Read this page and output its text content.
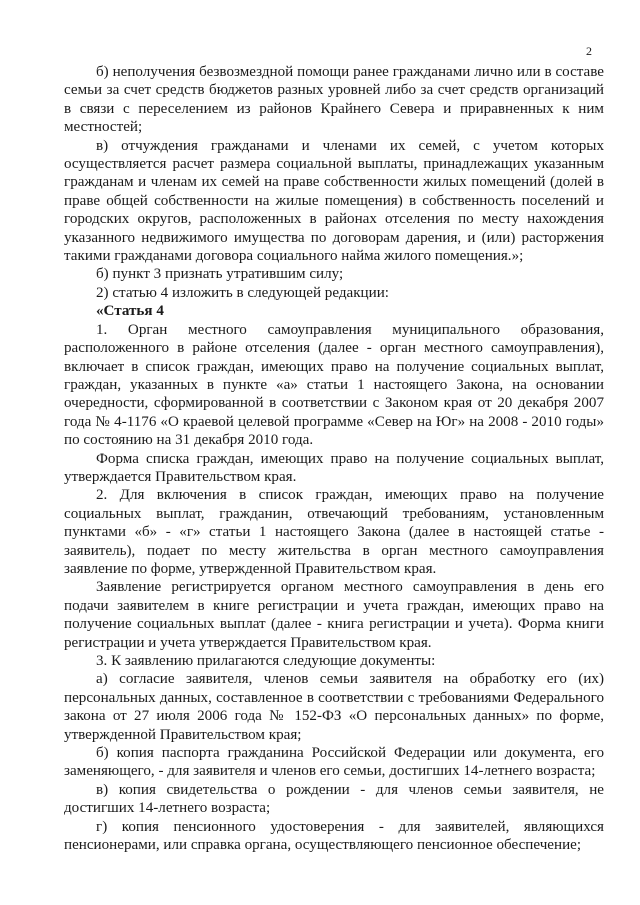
2

б) неполучения безвозмездной помощи ранее гражданами лично или в составе семьи за счет средств бюджетов разных уровней либо за счет средств организаций в связи с переселением из районов Крайнего Севера и приравненных к ним местностей;

в) отчуждения гражданами и членами их семей, с учетом которых осуществляется расчет размера социальной выплаты, принадлежащих указанным гражданам и членам их семей на праве собственности жилых помещений (долей в праве общей собственности на жилые помещения) в собственность поселений и городских округов, расположенных в районах отселения по месту нахождения указанного недвижимого имущества по договорам дарения, и (или) расторжения такими гражданами договора социального найма жилого помещения.»;

б) пункт 3 признать утратившим силу;

2) статью 4 изложить в следующей редакции:

«Статья 4

1. Орган местного самоуправления муниципального образования, расположенного в районе отселения (далее - орган местного самоуправления), включает в список граждан, имеющих право на получение социальных выплат, граждан, указанных в пункте «а» статьи 1 настоящего Закона, на основании очередности, сформированной в соответствии с Законом края от 20 декабря 2007 года № 4-1176 «О краевой целевой программе «Север на Юг» на 2008 - 2010 годы» по состоянию на 31 декабря 2010 года.

Форма списка граждан, имеющих право на получение социальных выплат, утверждается Правительством края.

2. Для включения в список граждан, имеющих право на получение социальных выплат, гражданин, отвечающий требованиям, установленным пунктами «б» - «г» статьи 1 настоящего Закона (далее в настоящей статье - заявитель), подает по месту жительства в орган местного самоуправления заявление по форме, утвержденной Правительством края.

Заявление регистрируется органом местного самоуправления в день его подачи заявителем в книге регистрации и учета граждан, имеющих право на получение социальных выплат (далее - книга регистрации и учета). Форма книги регистрации и учета утверждается Правительством края.

3. К заявлению прилагаются следующие документы:

а) согласие заявителя, членов семьи заявителя на обработку его (их) персональных данных, составленное в соответствии с требованиями Федерального закона от 27 июля 2006 года № 152-ФЗ «О персональных данных» по форме, утвержденной Правительством края;

б) копия паспорта гражданина Российской Федерации или документа, его заменяющего, - для заявителя и членов его семьи, достигших 14-летнего возраста;

в) копия свидетельства о рождении - для членов семьи заявителя, не достигших 14-летнего возраста;

г) копия пенсионного удостоверения - для заявителей, являющихся пенсионерами, или справка органа, осуществляющего пенсионное обеспечение;
